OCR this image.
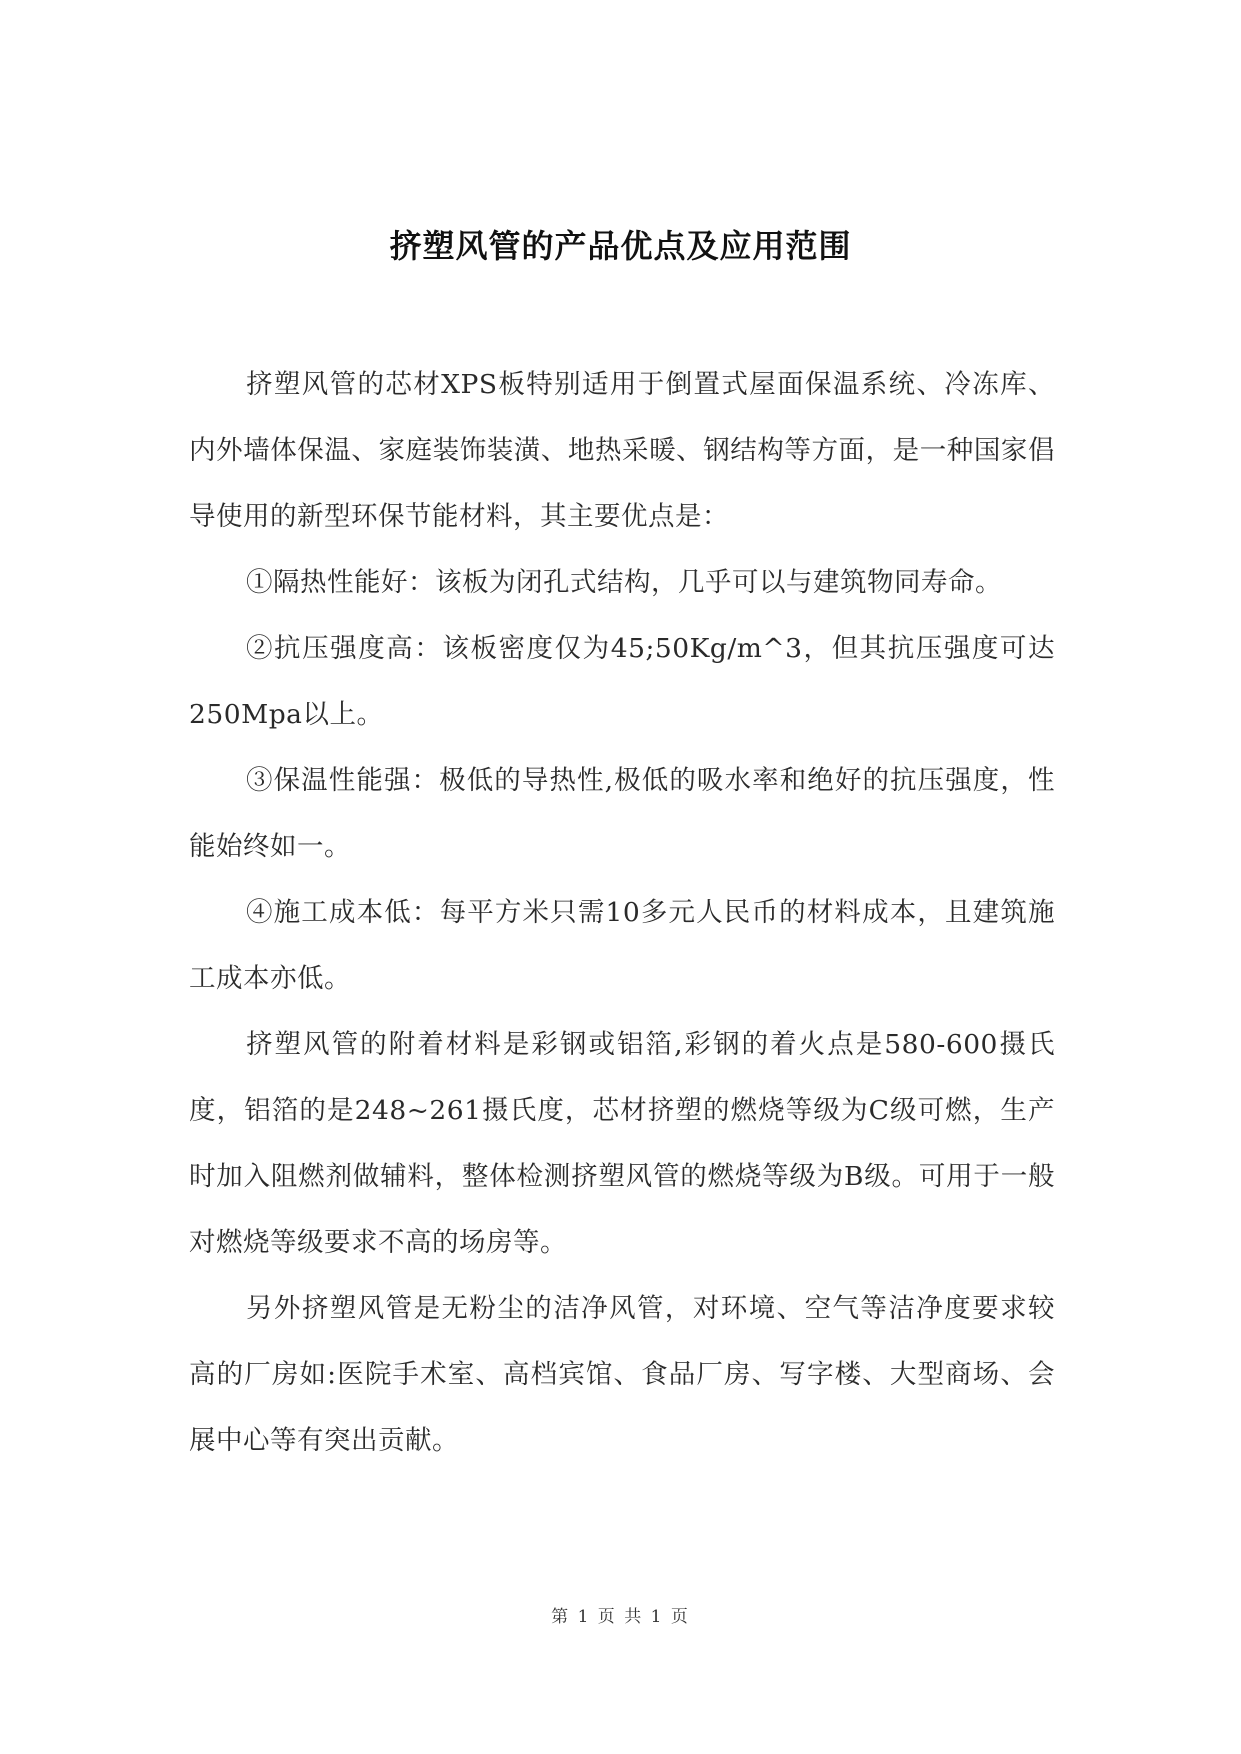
挤塑风管的产品优点及应用范围

挤塑风管的芯材XPS板特别适用于倒置式屋面保温系统、冷冻库、内外墙体保温、家庭装饰装潢、地热采暖、钢结构等方面，是一种国家倡导使用的新型环保节能材料，其主要优点是：

①隔热性能好：该板为闭孔式结构，几乎可以与建筑物同寿命。

②抗压强度高：该板密度仅为45;50Kg/m^3，但其抗压强度可达250Mpa以上。

③保温性能强：极低的导热性,极低的吸水率和绝好的抗压强度，性能始终如一。

④施工成本低：每平方米只需10多元人民币的材料成本，且建筑施工成本亦低。

挤塑风管的附着材料是彩钢或铝箔,彩钢的着火点是580-600摄氏度，铝箔的是248~261摄氏度，芯材挤塑的燃烧等级为C级可燃，生产时加入阻燃剂做辅料，整体检测挤塑风管的燃烧等级为B级。可用于一般对燃烧等级要求不高的场房等。

另外挤塑风管是无粉尘的洁净风管，对环境、空气等洁净度要求较高的厂房如:医院手术室、高档宾馆、食品厂房、写字楼、大型商场、会展中心等有突出贡献。

第 1 页 共 1 页
